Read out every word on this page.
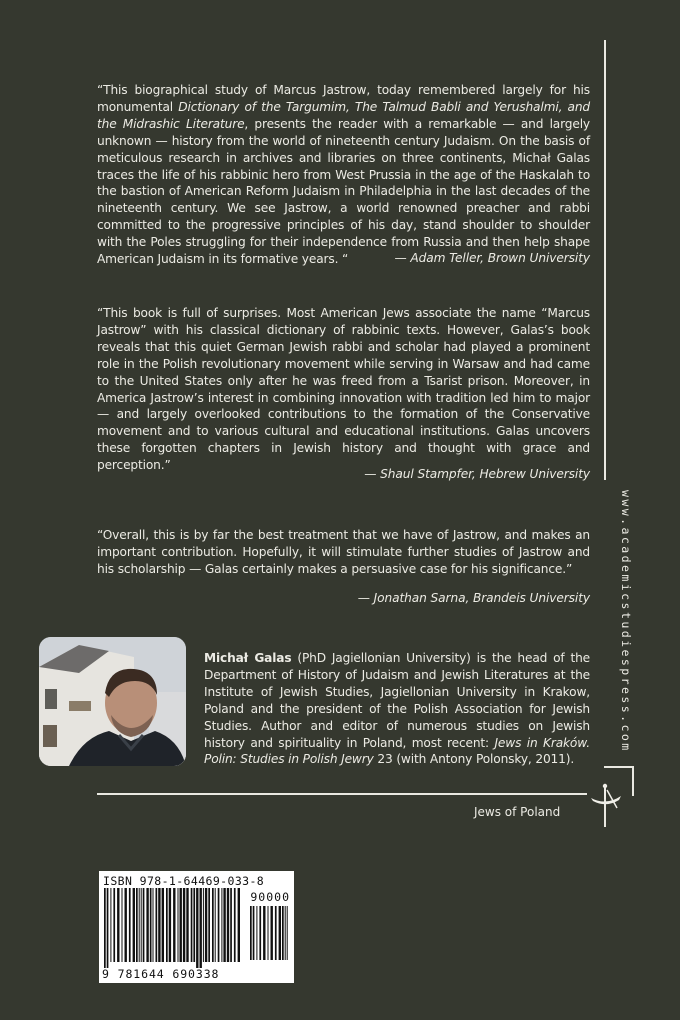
“This biographical study of Marcus Jastrow, today remembered largely for his monumental Dictionary of the Targumim, The Talmud Babli and Yerushalmi, and the Midrashic Literature, presents the reader with a remarkable — and largely unknown — history from the world of nineteenth century Judaism. On the basis of meticulous research in archives and libraries on three continents, Michał Galas traces the life of his rabbinic hero from West Prussia in the age of the Haskalah to the bastion of American Reform Judaism in Philadelphia in the last decades of the nineteenth century. We see Jastrow, a world renowned preacher and rabbi committed to the progressive principles of his day, stand shoulder to shoulder with the Poles struggling for their independence from Russia and then help shape American Judaism in its formative years. “	— Adam Teller, Brown University

“This book is full of surprises. Most American Jews associate the name “Marcus Jastrow” with his classical dictionary of rabbinic texts. However, Galas’s book reveals that this quiet German Jewish rabbi and scholar had played a prominent role in the Polish revolutionary movement while serving in Warsaw and had came to the United States only after he was freed from a Tsarist prison. Moreover, in America Jastrow’s interest in combining innovation with tradition led him to major — and largely overlooked contributions to the formation of the Conservative movement and to various cultural and educational institutions. Galas uncovers these forgotten chapters in Jewish history and thought with grace and perception.”

— Shaul Stampfer, Hebrew University

“Overall, this is by far the best treatment that we have of Jastrow, and makes an important contribution. Hopefully, it will stimulate further studies of Jastrow and his scholarship — Galas certainly makes a persuasive case for his significance.”

— Jonathan Sarna, Brandeis University

Michał Galas (PhD Jagiellonian University) is the head of the Department of History of Judaism and Jewish Literatures at the Institute of Jewish Studies, Jagiellonian University in Krakow, Poland and the president of the Polish Association for Jewish Studies. Author and editor of numerous studies on Jewish history and spirituality in Poland, most recent: Jews in Kraków. Polin: Studies in Polish Jewry 23 (with Antony Polonsky, 2011).

www.academicstudiespress.com
Jews of Poland
ISBN 978-1-64469-033-8
90000
9 781644 690338
